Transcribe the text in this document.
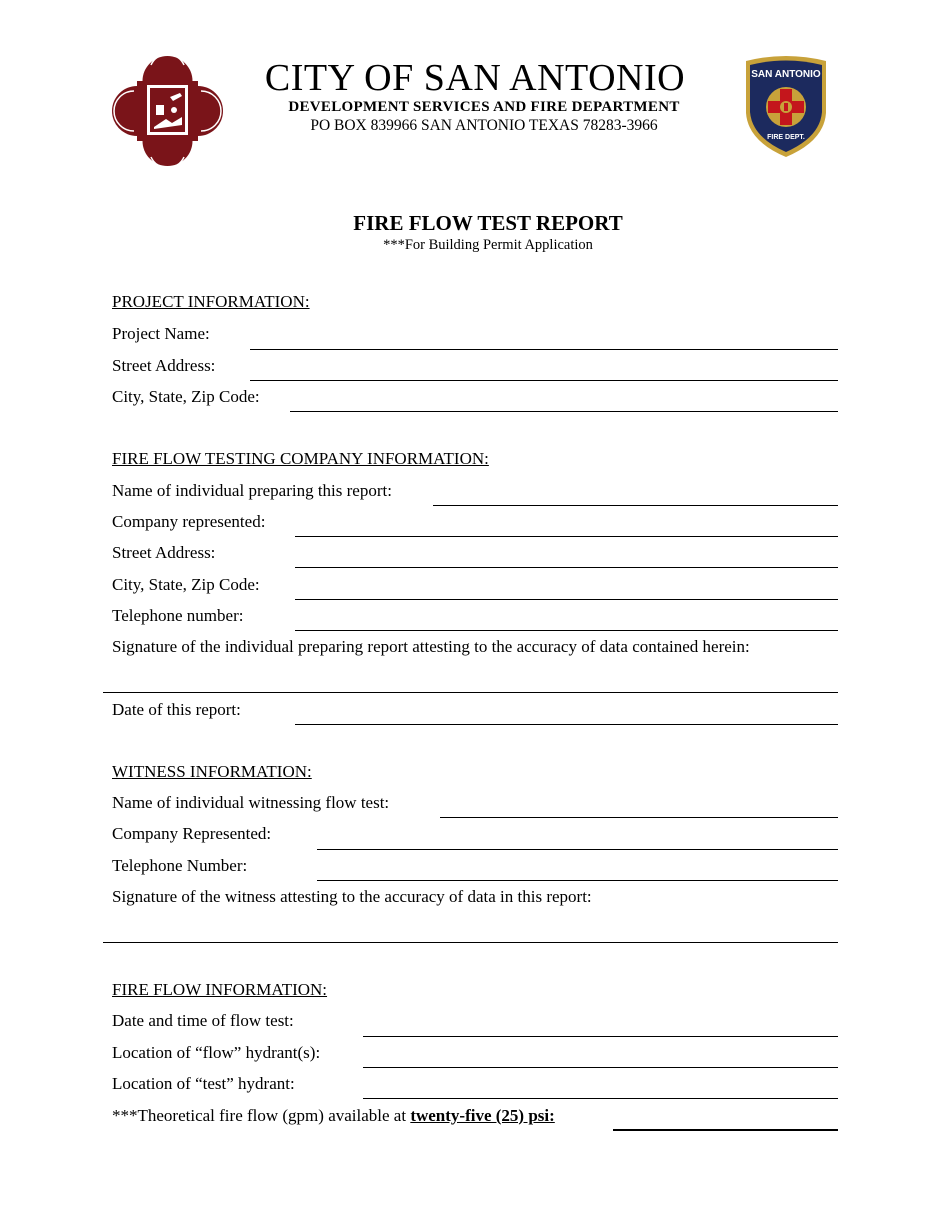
SAN ANTONIO
FIRE DEPT.
CITY OF SAN ANTONIO
DEVELOPMENT SERVICES AND FIRE DEPARTMENT
PO BOX 839966 SAN ANTONIO TEXAS 78283-3966
FIRE FLOW TEST REPORT
***For Building Permit Application
PROJECT INFORMATION:
Project Name:
Street Address:
City, State, Zip Code:
FIRE FLOW TESTING COMPANY INFORMATION:
Name of individual preparing this report:
Company represented:
Street Address:
City, State, Zip Code:
Telephone number:
Signature of the individual preparing report attesting to the accuracy of data contained herein:
Date of this report:
WITNESS INFORMATION:
Name of individual witnessing flow test:
Company Represented:
Telephone Number:
Signature of the witness attesting to the accuracy of data in this report:
FIRE FLOW INFORMATION:
Date and time of flow test:
Location of “flow” hydrant(s):
Location of “test” hydrant:
***Theoretical fire flow (gpm) available at twenty-five (25) psi:
